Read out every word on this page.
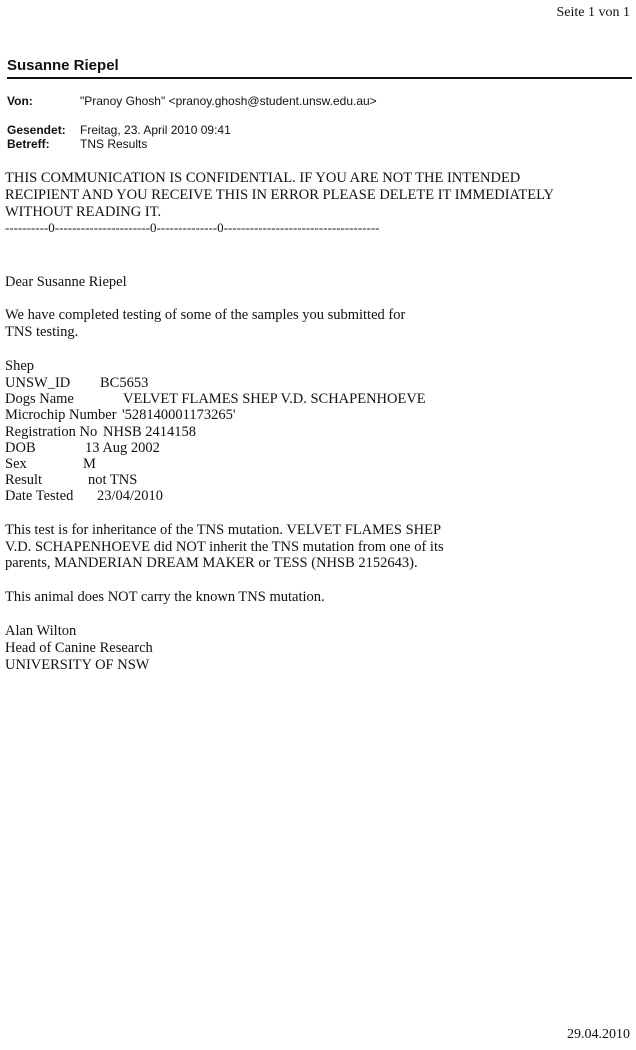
Seite 1 von 1
Susanne Riepel
Von:	"Pranoy Ghosh" <pranoy.ghosh@student.unsw.edu.au>
Gesendet: Freitag, 23. April 2010 09:41
Betreff:	TNS Results
THIS COMMUNICATION IS CONFIDENTIAL. IF YOU ARE NOT THE INTENDED
RECIPIENT AND YOU RECEIVE THIS IN ERROR PLEASE DELETE IT IMMEDIATELY
WITHOUT READING IT.
----------0----------------------0--------------0------------------------------------
Dear Susanne Riepel
We have completed testing of some of the samples you submitted for
TNS testing.
Shep
UNSW_ID BC5653
Dogs Name	VELVET FLAMES SHEP V.D. SCHAPENHOEVE
Microchip Number '528140001173265'
Registration No NHSB 2414158
DOB	13 Aug 2002
Sex	M
Result	not TNS
Date Tested 23/04/2010
This test is for inheritance of the TNS mutation. VELVET FLAMES SHEP
V.D. SCHAPENHOEVE did NOT inherit the TNS mutation from one of its
parents, MANDERIAN DREAM MAKER or TESS (NHSB 2152643).
This animal does NOT carry the known TNS mutation.
Alan Wilton
Head of Canine Research
UNIVERSITY OF NSW
29.04.2010
